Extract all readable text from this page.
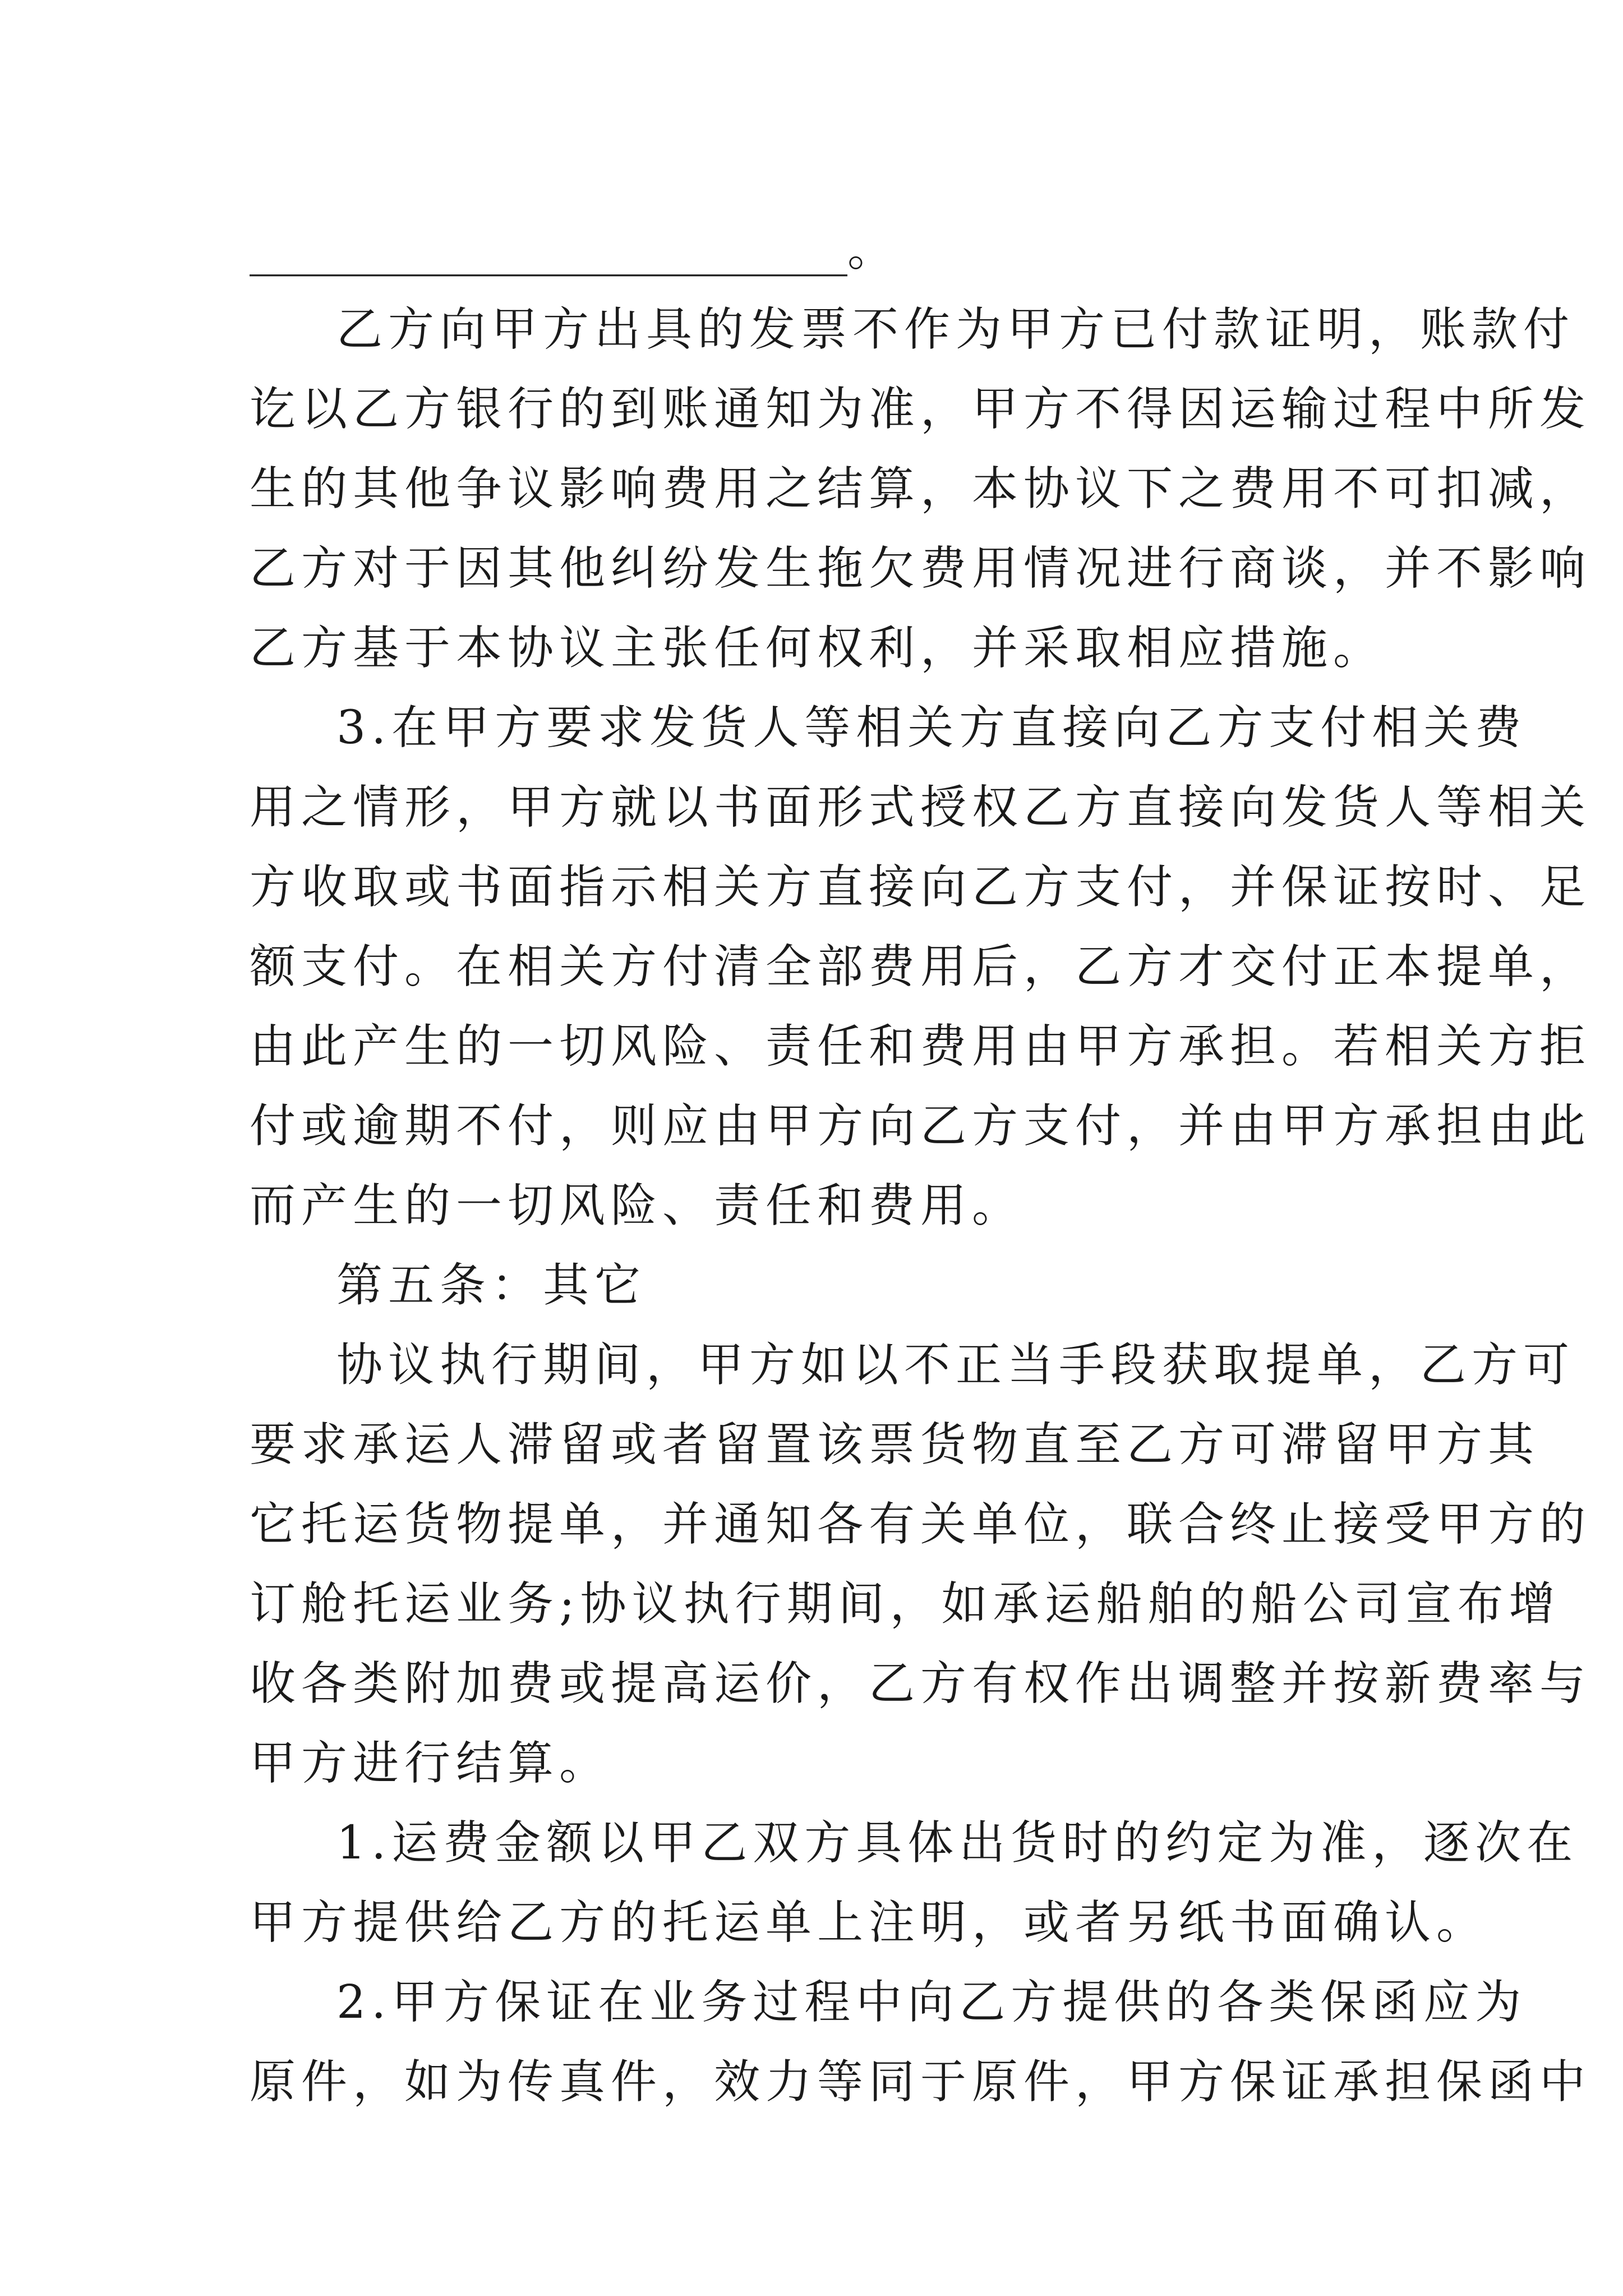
__________________________。
乙方向甲方出具的发票不作为甲方已付款证明，账款付
讫以乙方银行的到账通知为准，甲方不得因运输过程中所发
生的其他争议影响费用之结算，本协议下之费用不可扣减，
乙方对于因其他纠纷发生拖欠费用情况进行商谈，并不影响
乙方基于本协议主张任何权利，并采取相应措施。
3.在甲方要求发货人等相关方直接向乙方支付相关费
用之情形，甲方就以书面形式授权乙方直接向发货人等相关
方收取或书面指示相关方直接向乙方支付，并保证按时、足
额支付。在相关方付清全部费用后，乙方才交付正本提单，
由此产生的一切风险、责任和费用由甲方承担。若相关方拒
付或逾期不付，则应由甲方向乙方支付，并由甲方承担由此
而产生的一切风险、责任和费用。
第五条：其它
协议执行期间，甲方如以不正当手段获取提单，乙方可
要求承运人滞留或者留置该票货物直至乙方可滞留甲方其
它托运货物提单，并通知各有关单位，联合终止接受甲方的
订舱托运业务;协议执行期间，如承运船舶的船公司宣布增
收各类附加费或提高运价，乙方有权作出调整并按新费率与
甲方进行结算。
1.运费金额以甲乙双方具体出货时的约定为准，逐次在
甲方提供给乙方的托运单上注明，或者另纸书面确认。
2.甲方保证在业务过程中向乙方提供的各类保函应为
原件，如为传真件，效力等同于原件，甲方保证承担保函中
